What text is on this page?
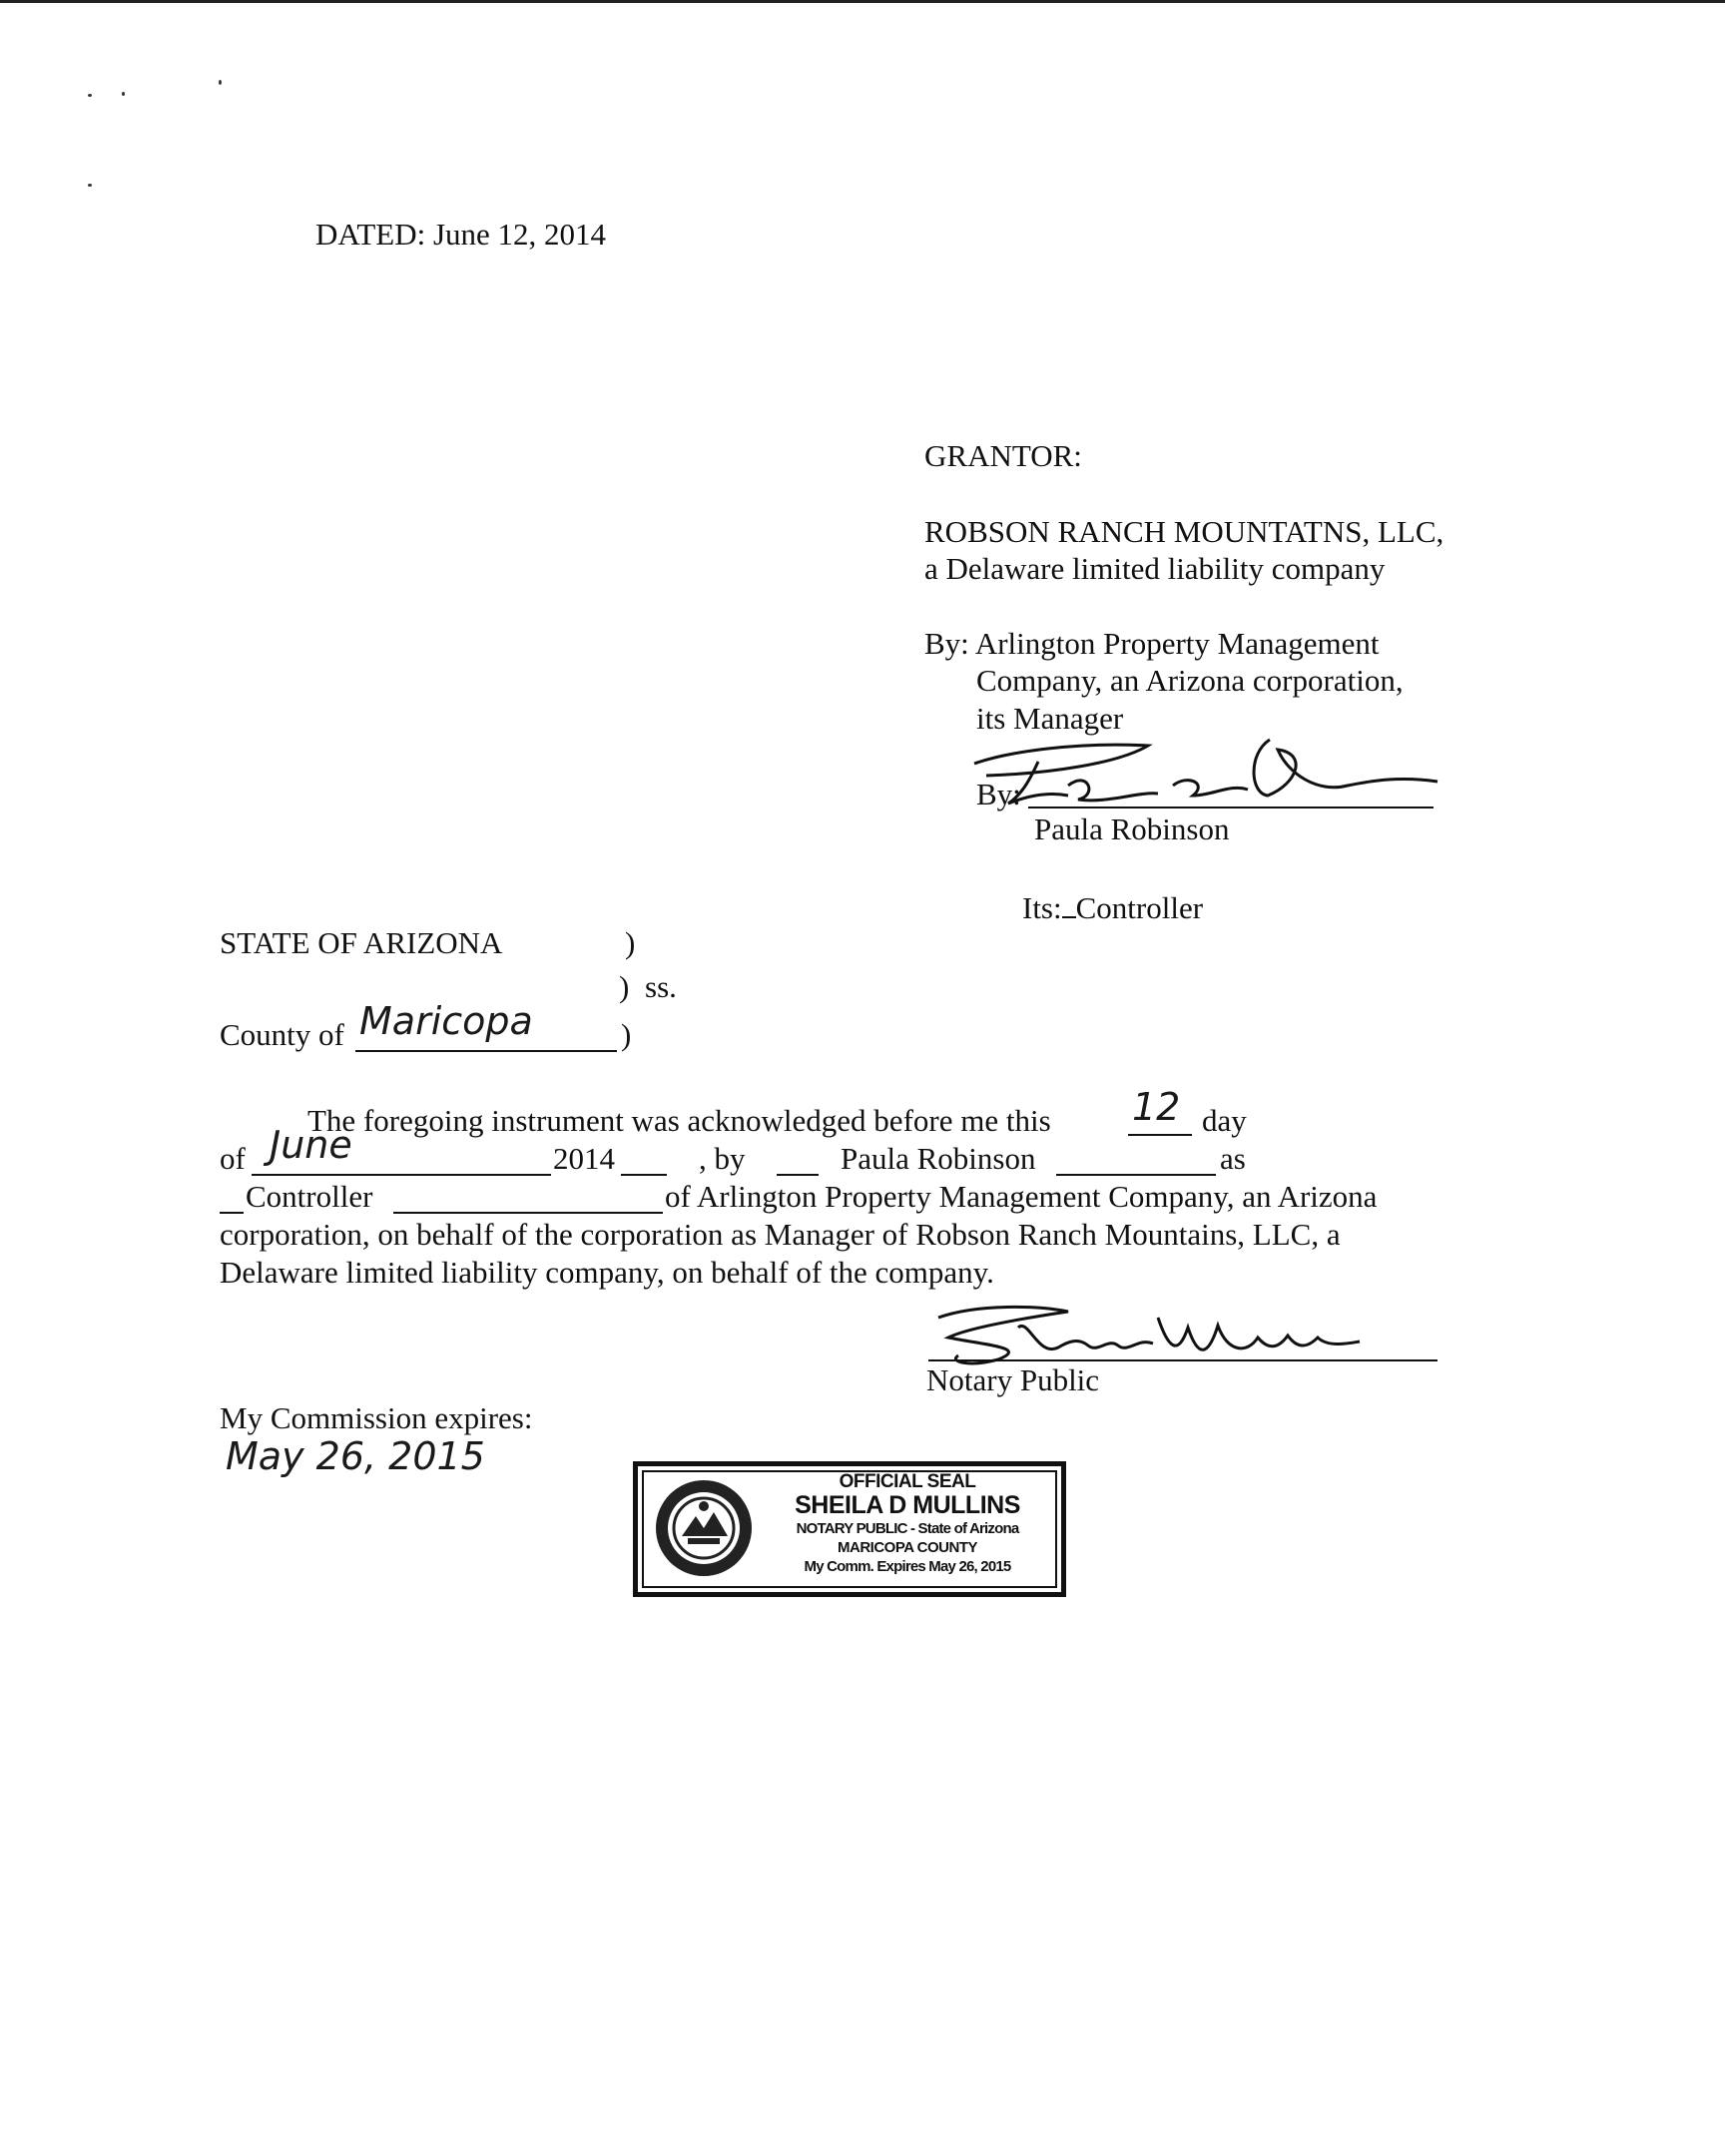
DATED: June 12, 2014
GRANTOR:
ROBSON RANCH MOUNTATNS, LLC,
a Delaware limited liability company
By: Arlington Property Management
Company, an Arizona corporation,
its Manager
By:
Paula Robinson
Its: Controller
STATE OF ARIZONA	)
) ss.
County of Maricopa	)
The foregoing instrument was acknowledged before me this 12 day
of June	2014	, by	Paula Robinson	as
Controller	of Arlington Property Management Company, an Arizona
corporation, on behalf of the corporation as Manager of Robson Ranch Mountains, LLC, a
Delaware limited liability company, on behalf of the company.
Notary Public
My Commission expires:
May 26, 2015
OFFICIAL SEAL
SHEILA D MULLINS
NOTARY PUBLIC - State of Arizona
MARICOPA COUNTY
My Comm. Expires May 26, 2015
